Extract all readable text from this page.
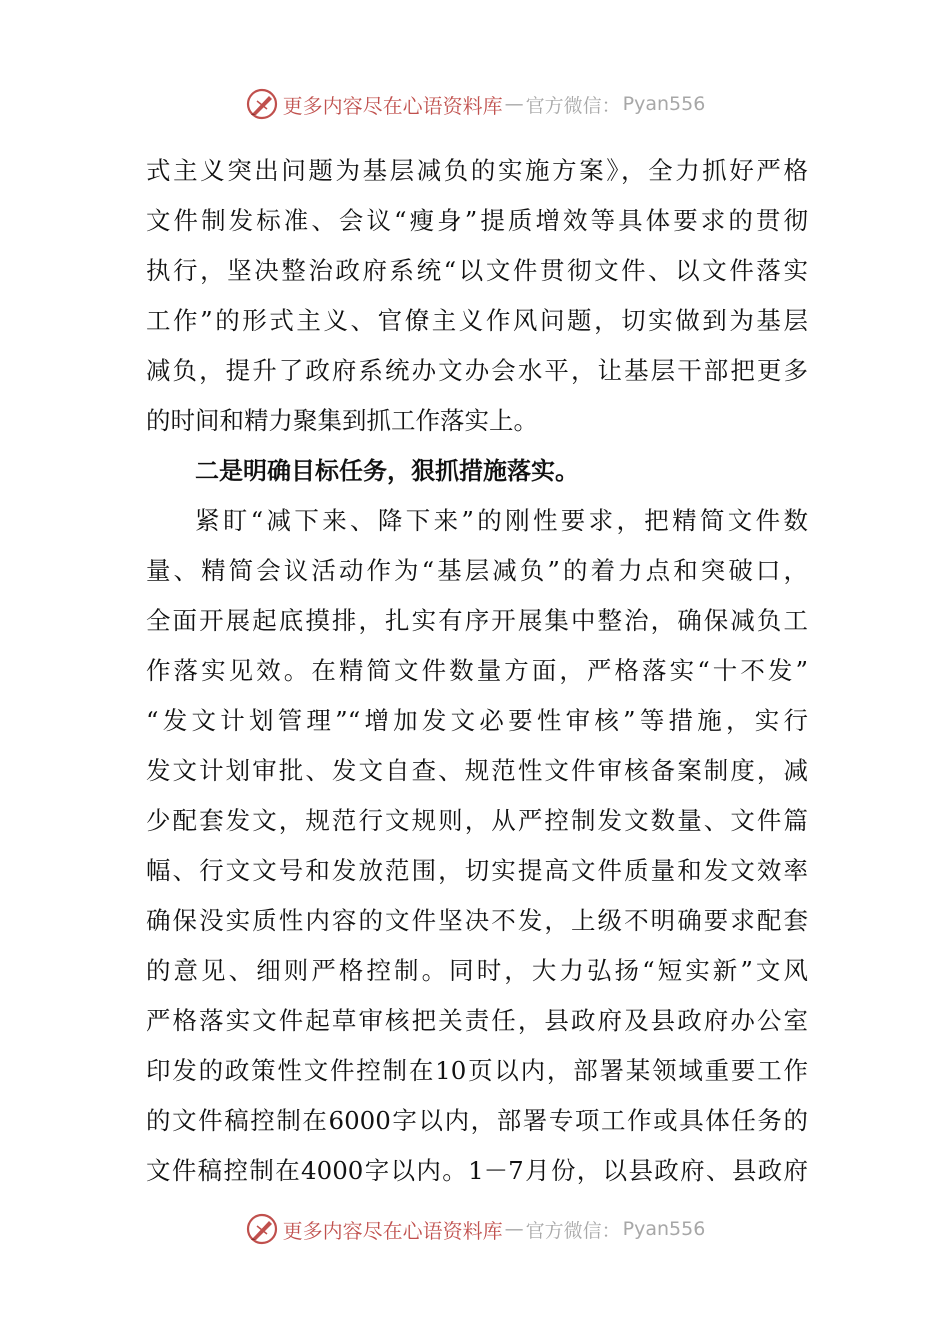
更多内容尽在心语资料库 — 官方微信： Pyan556
式主义突出问题为基层减负的实施方案》，全力抓好严格
文件制发标准、会议“瘦身”提质增效等具体要求的贯彻
执行，坚决整治政府系统“以文件贯彻文件、以文件落实
工作”的形式主义、官僚主义作风问题，切实做到为基层
减负，提升了政府系统办文办会水平，让基层干部把更多
的时间和精力聚集到抓工作落实上。
二是明确目标任务，狠抓措施落实。
紧盯“减下来、降下来”的刚性要求，把精简文件数
量、精简会议活动作为“基层减负”的着力点和突破口，
全面开展起底摸排，扎实有序开展集中整治，确保减负工
作落实见效。在精简文件数量方面，严格落实“十不发”
“发文计划管理”“增加发文必要性审核”等措施，实行
发文计划审批、发文自查、规范性文件审核备案制度，减
少配套发文，规范行文规则，从严控制发文数量、文件篇
幅、行文文号和发放范围，切实提高文件质量和发文效率
确保没实质性内容的文件坚决不发，上级不明确要求配套
的意见、细则严格控制。同时，大力弘扬“短实新”文风
严格落实文件起草审核把关责任，县政府及县政府办公室
印发的政策性文件控制在10页以内，部署某领域重要工作
的文件稿控制在6000字以内，部署专项工作或具体任务的
文件稿控制在4000字以内。1－7月份，以县政府、县政府
更多内容尽在心语资料库 — 官方微信： Pyan556
